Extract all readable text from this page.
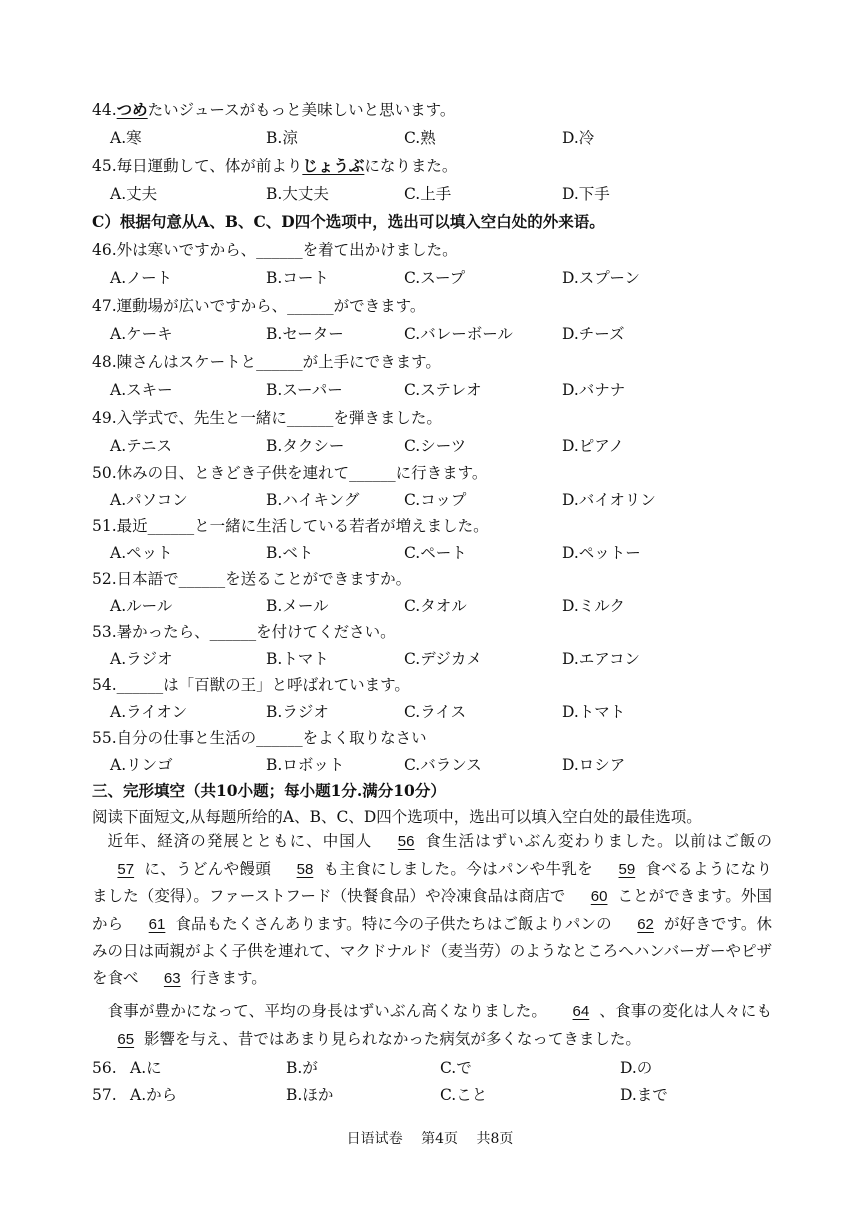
44.つめたいジュースがもっと美味しいと思います。
A.寒	B.涼	C.熟	D.冷
45.毎日運動して、体が前よりじょうぶになりまた。
A.丈夫	B.大丈夫	C.上手	D.下手
C）根据句意从A、B、C、D四个选项中，选出可以填入空白处的外来语。
46.外は寒いですから、______を着て出かけました。
A.ノート	B.コート	C.スープ	D.スプーン
47.運動場が広いですから、______ができます。
A.ケーキ	B.セーター	C.バレーボール	D.チーズ
48.陳さんはスケートと______が上手にできます。
A.スキー	B.スーパー	C.ステレオ	D.バナナ
49.入学式で、先生と一緒に______を弾きました。
A.テニス	B.タクシー	C.シーツ	D.ピアノ
50.休みの日、ときどき子供を連れて______に行きます。
A.パソコン	B.ハイキング	C.コップ	D.バイオリン
51.最近______と一緒に生活している若者が増えました。
A.ペット	B.ベト	C.ペート	D.ペットー
52.日本語で______を送ることができますか。
A.ルール	B.メール	C.タオル	D.ミルク
53.暑かったら、______を付けてください。
A.ラジオ	B.トマト	C.デジカメ	D.エアコン
54.______は「百獣の王」と呼ばれています。
A.ライオン	B.ラジオ	C.ライス	D.トマト
55.自分の仕事と生活の______をよく取りなさい
A.リンゴ	B.ロボット	C.バランス	D.ロシア
三、完形填空（共10小题；每小题1分.满分10分）
阅读下面短文,从每题所给的A、B、C、D四个选项中，选出可以填入空白处的最佳选项。
近年、経済の発展とともに、中国人 56 食生活はずいぶん変わりました。以前はご飯の57 に、うどんや饅頭 58 も主食にしました。今はパンや牛乳を 59 食べるようになりました（変得）。ファーストフード（快餐食品）や冷凍食品は商店で 60 ことができます。外国から 61 食品もたくさんあります。特に今の子供たちはご飯よりパンの 62 が好きです。休みの日は両親がよく子供を連れて、マクドナルド（麦当劳）のようなところへハンバーガーやピザを食べ 63 行きます。
食事が豊かになって、平均の身長はずいぶん高くなりました。 64 、食事の変化は人々にも65 影響を与え、昔ではあまり見られなかった病気が多くなってきました。
56. A.に	B.が	C.で	D.の
57. A.から	B.ほか	C.こと	D.まで
日语试卷 第4页 共8页
